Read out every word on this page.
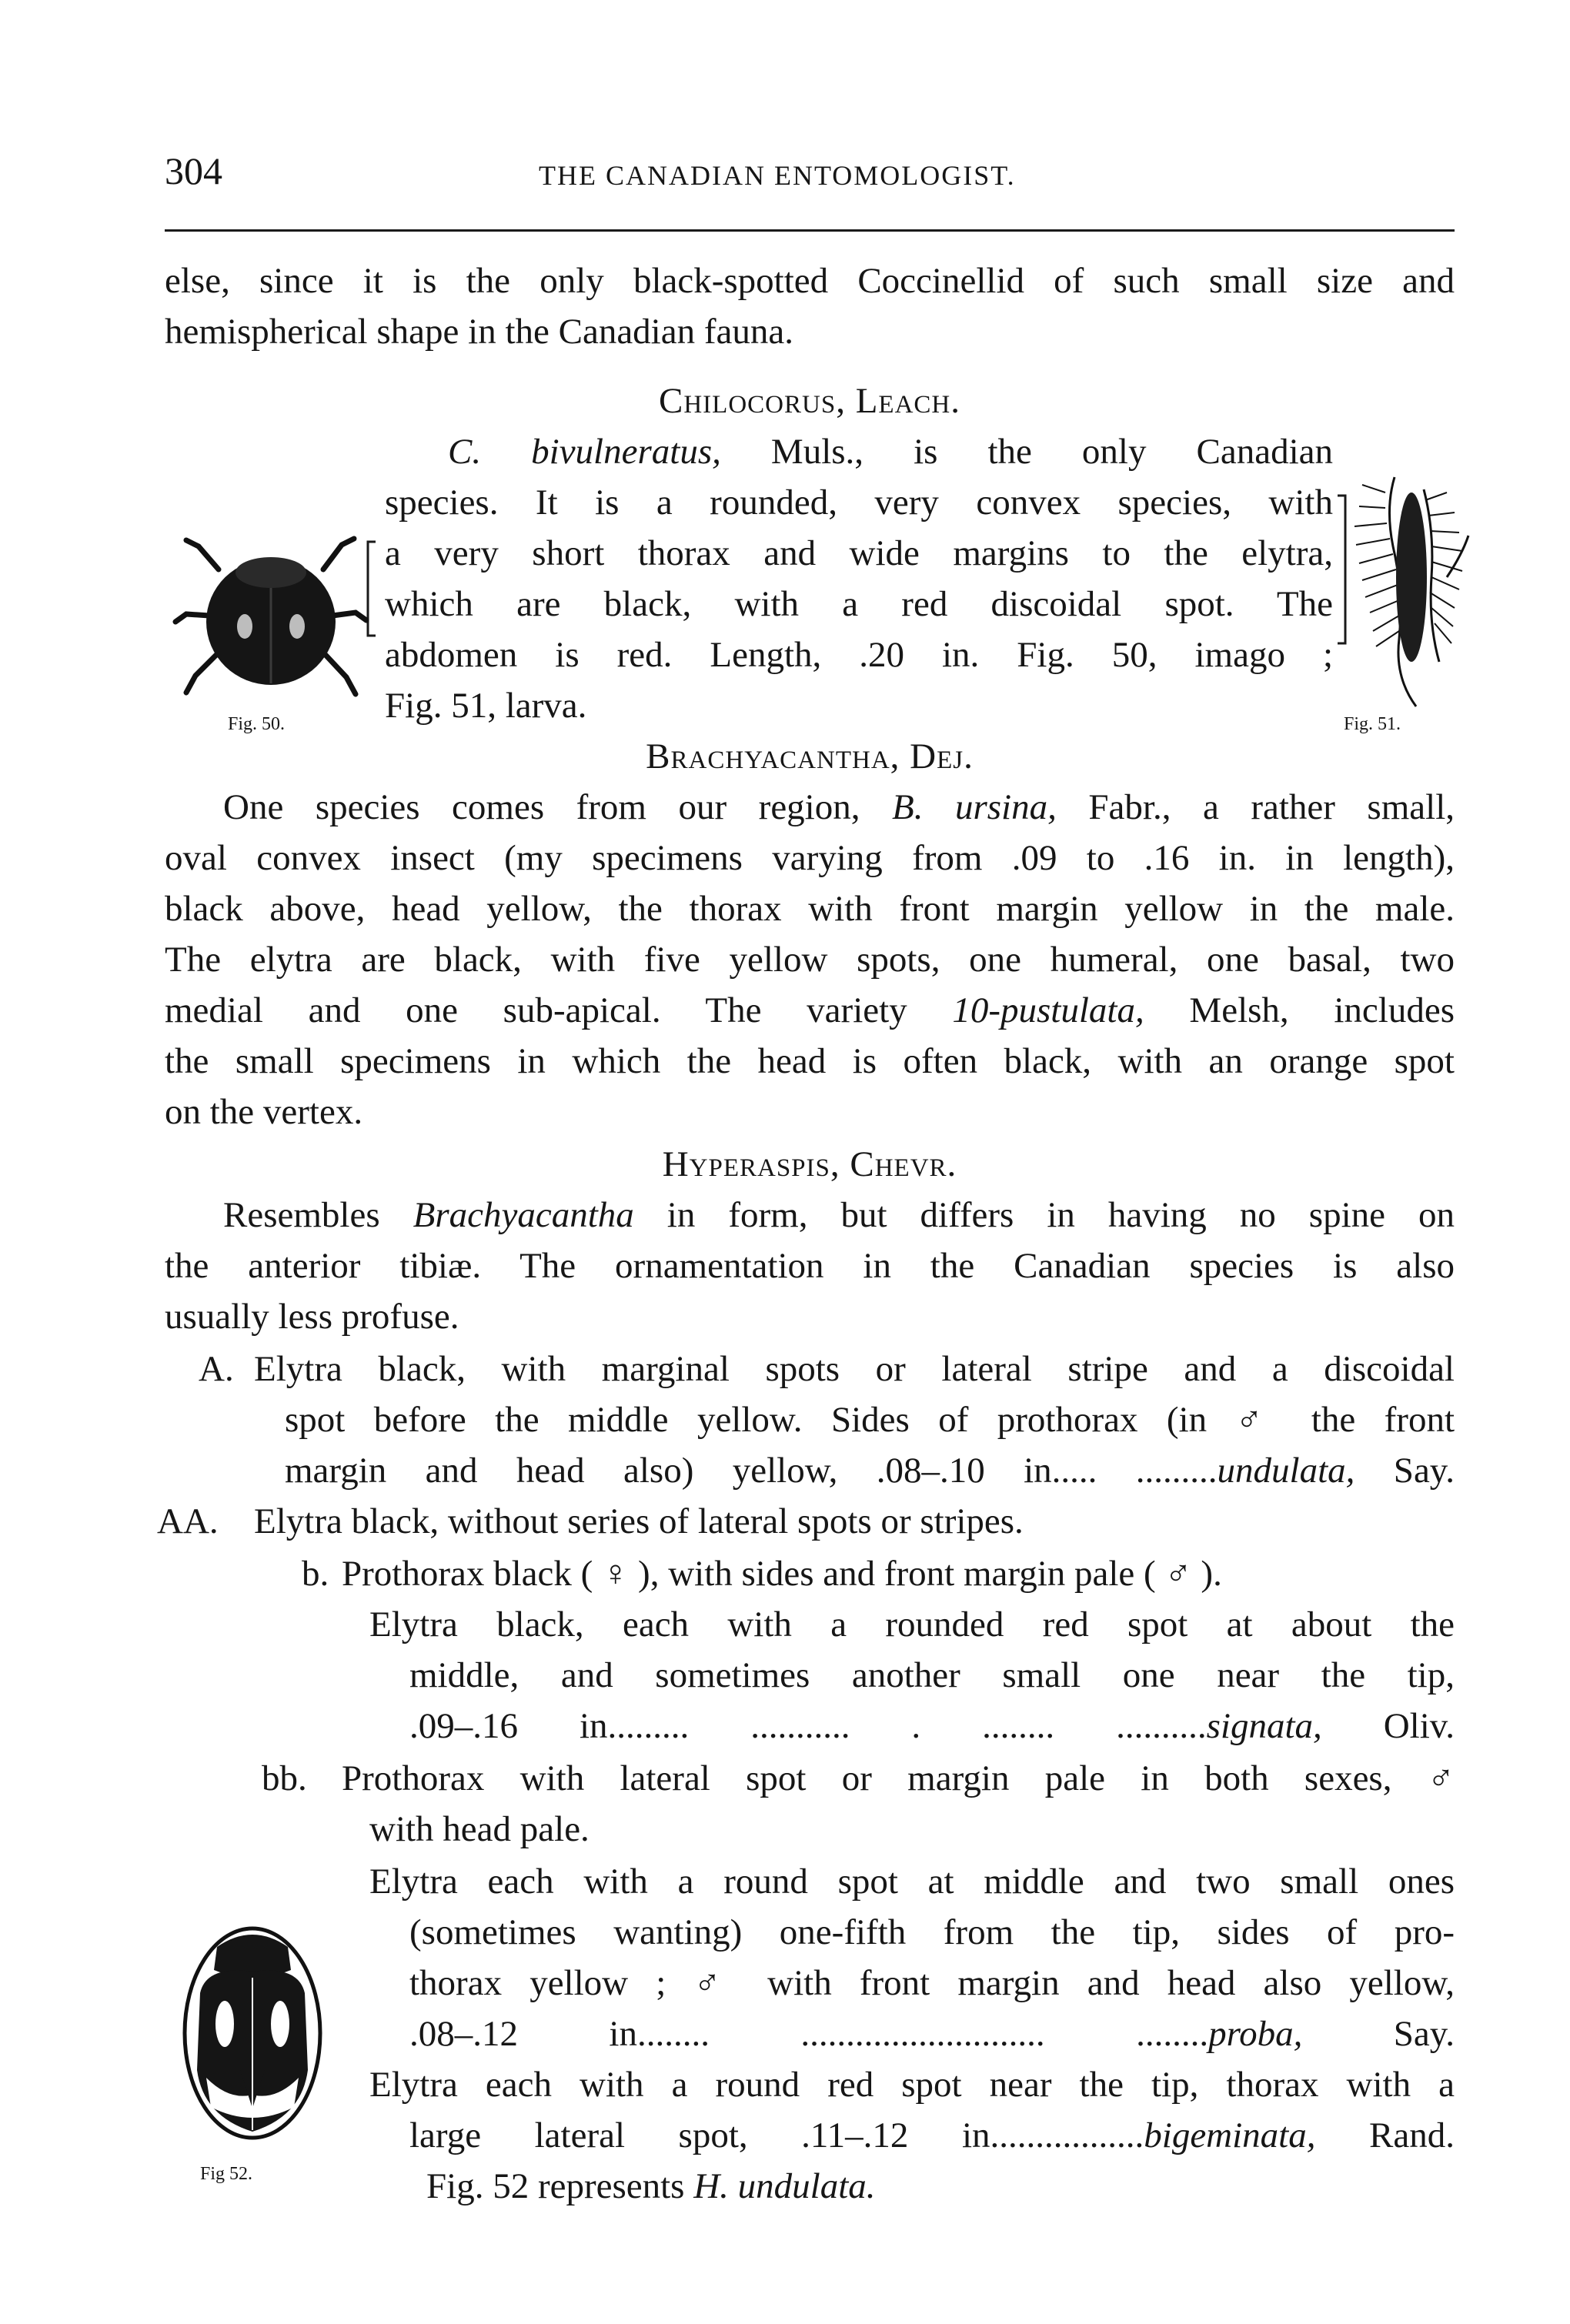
304	THE CANADIAN ENTOMOLOGIST.
else, since it is the only black-spotted Coccinellid of such small size and
hemispherical shape in the Canadian fauna.
Chilocorus, Leach.
C. bivulneratus, Muls., is the only Canadian
species. It is a rounded, very convex species, with
a very short thorax and wide margins to the elytra,
which are black, with a red discoidal spot. The
abdomen is red. Length, .20 in. Fig. 50, imago ;
Fig. 51, larva.
Fig. 50.	Fig. 51.
Brachyacantha, Dej.
One species comes from our region, B. ursina, Fabr., a rather small,
oval convex insect (my specimens varying from .09 to .16 in. in length),
black above, head yellow, the thorax with front margin yellow in the male.
The elytra are black, with five yellow spots, one humeral, one basal, two
medial and one sub-apical. The variety 10-pustulata, Melsh, includes
the small specimens in which the head is often black, with an orange spot
on the vertex.
Hyperaspis, Chevr.
Resembles Brachyacantha in form, but differs in having no spine on
the anterior tibiæ. The ornamentation in the Canadian species is also
usually less profuse.
A. Elytra black, with marginal spots or lateral stripe and a discoidal
spot before the middle yellow. Sides of prothorax (in ♂ the front
margin and head also) yellow, .08–.10 in..... .........undulata, Say.
AA. Elytra black, without series of lateral spots or stripes.
b. Prothorax black ( ♀ ), with sides and front margin pale ( ♂ ).
Elytra black, each with a rounded red spot at about the
middle, and sometimes another small one near the tip,
.09–.16 in......... ........... . ........ ..........signata, Oliv.
bb. Prothorax with lateral spot or margin pale in both sexes, ♂
with head pale.
Elytra each with a round spot at middle and two small ones
(sometimes wanting) one-fifth from the tip, sides of pro-
thorax yellow ; ♂ with front margin and head also yellow,
.08–.12 in........ ........................... ........proba, Say.
Elytra each with a round red spot near the tip, thorax with a
large lateral spot, .11–.12 in.................bigeminata, Rand.
Fig. 52 represents H. undulata.
Fig 52.
